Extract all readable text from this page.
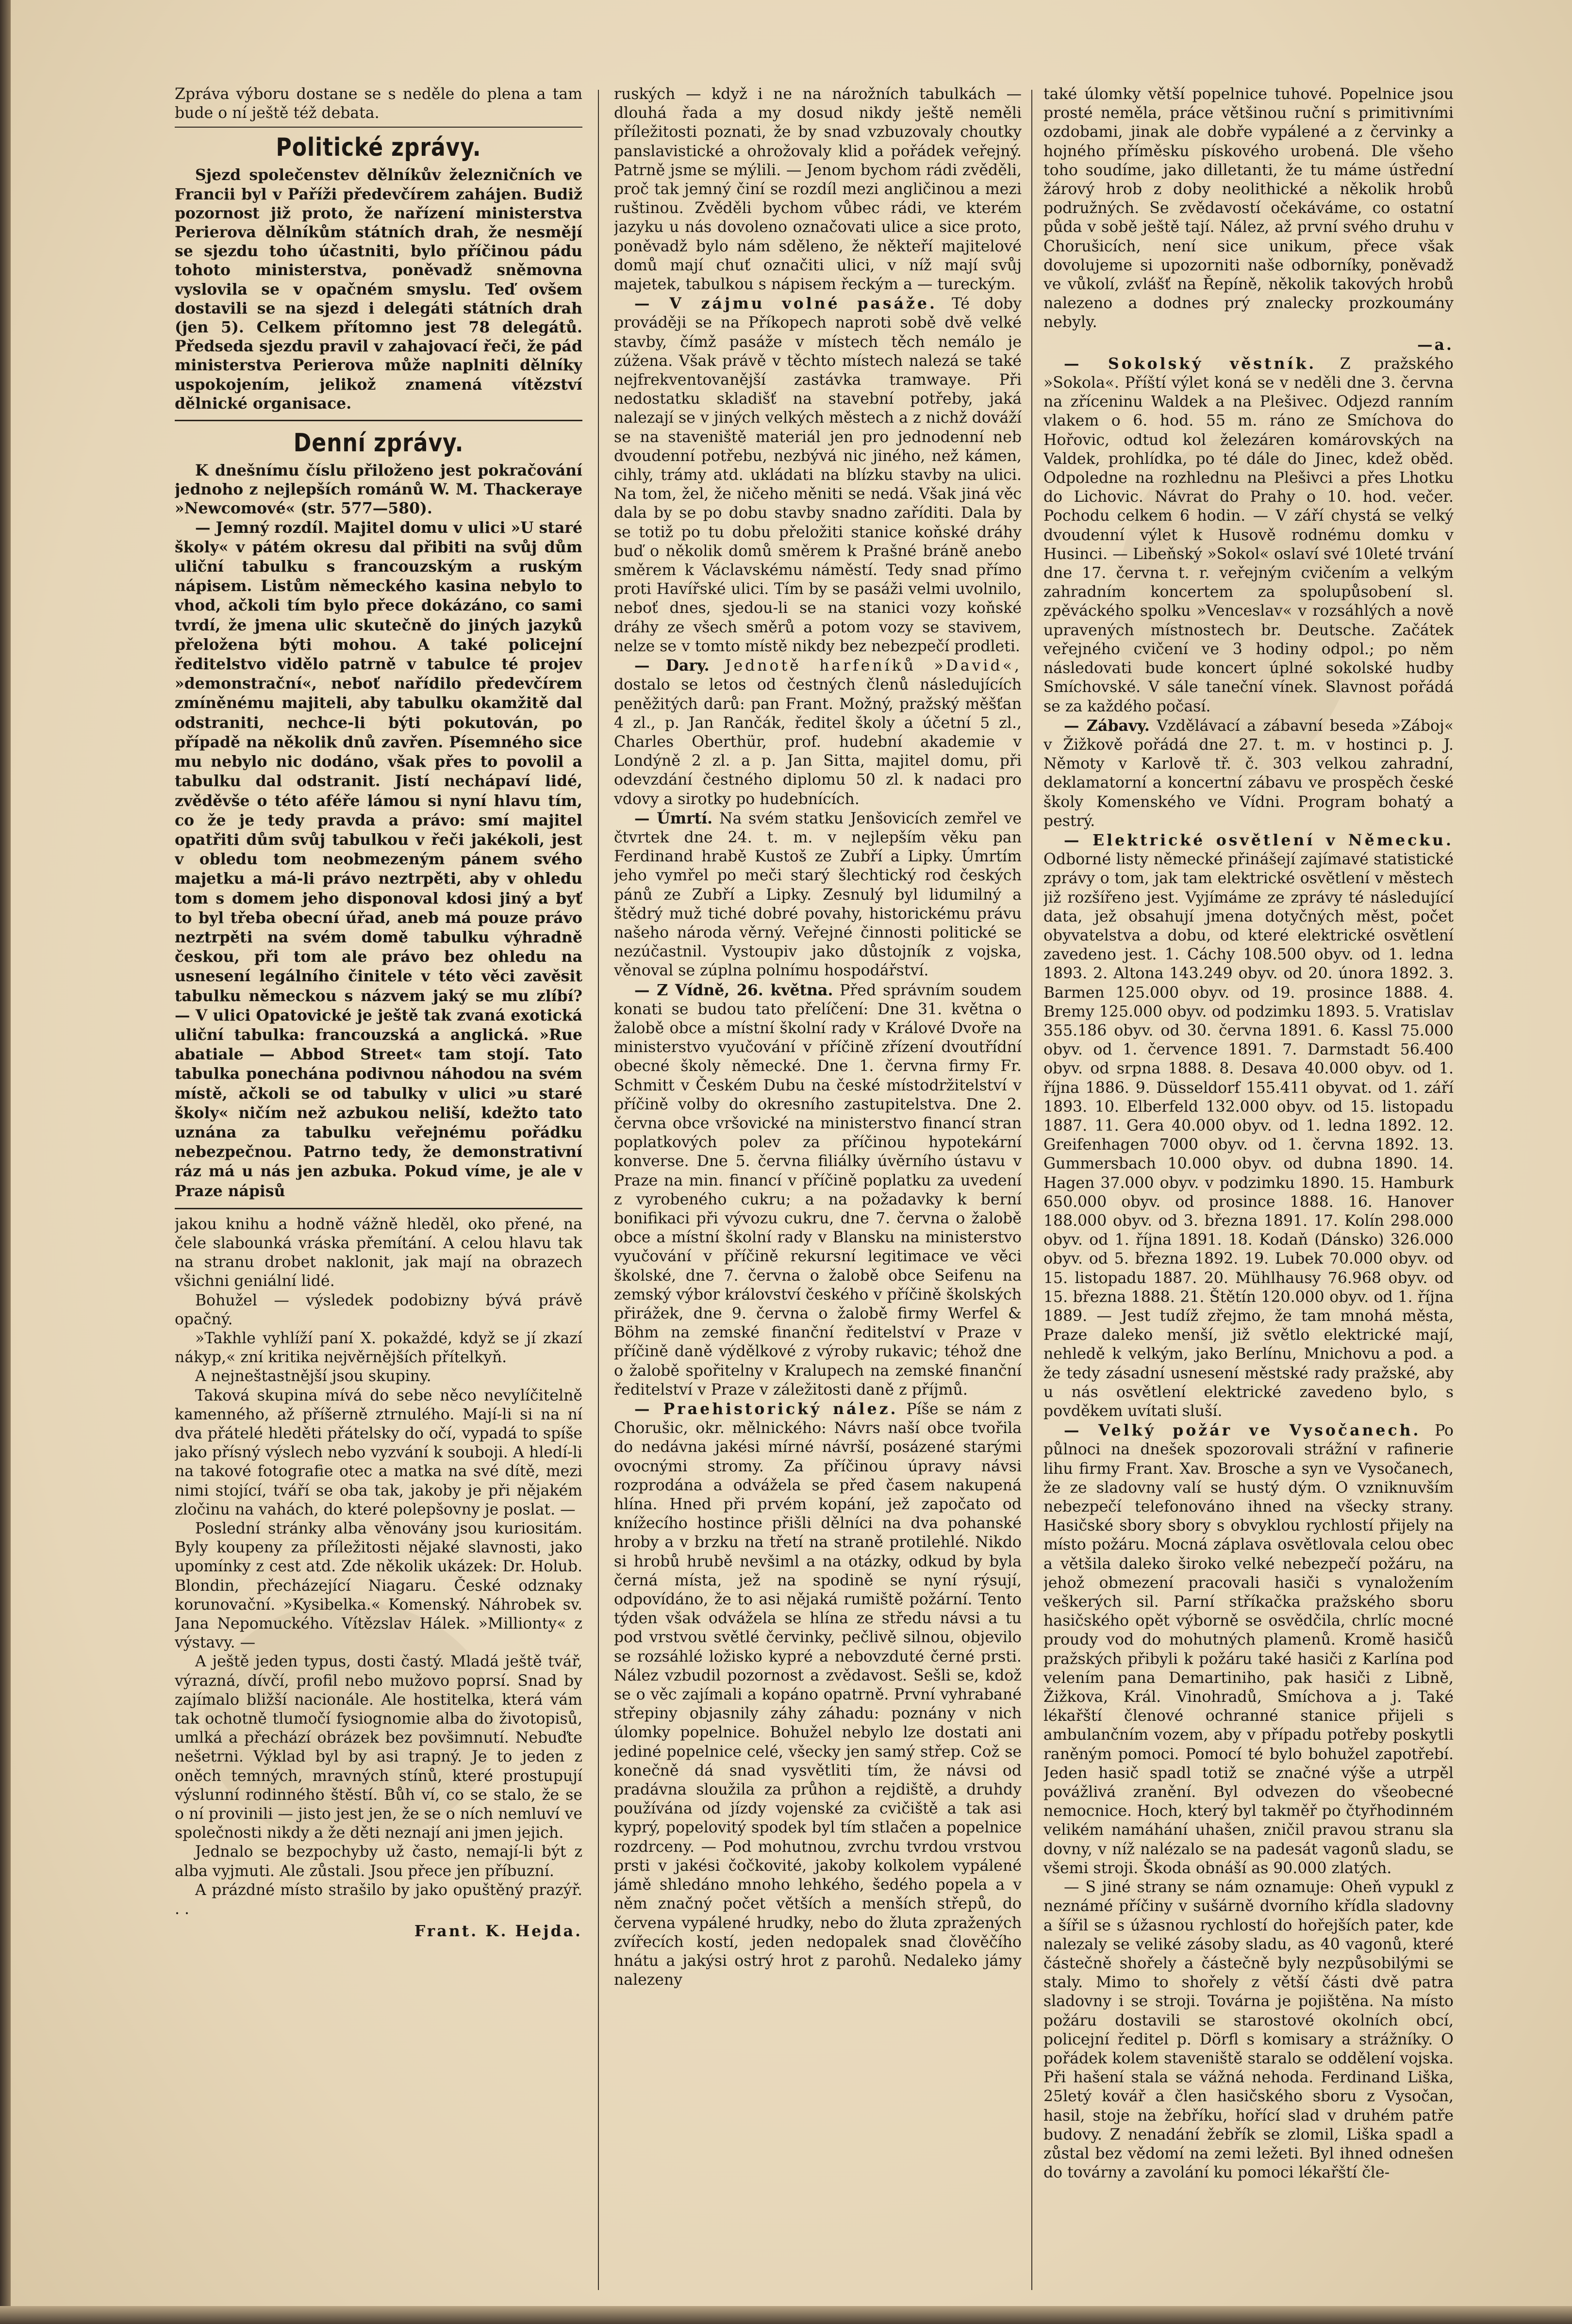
Zpráva výboru dostane se s neděle do plena a tam bude o ní ještě též debata.

Politické zprávy.

Sjezd společenstev dělníkův železničních ve Francii byl v Paříži předevčírem zahájen. Budiž pozornost již proto, že nařízení ministerstva Perierova dělníkům státních drah, že nesmějí se sjezdu toho účastniti, bylo příčinou pádu tohoto ministerstva, poněvadž sněmovna vyslovila se v opačném smyslu. Teď ovšem dostavili se na sjezd i delegáti státních drah (jen 5). Celkem přítomno jest 78 delegátů. Předseda sjezdu pravil v zahajovací řeči, že pád ministerstva Perierova může naplniti dělníky uspokojením, jelikož znamená vítězství dělnické organisace.

Denní zprávy.

K dnešnímu číslu přiloženo jest pokračování jednoho z nejlepších románů W. M. Thackeraye »Newcomové« (str. 577—580).

— Jemný rozdíl. Majitel domu v ulici »U staré školy« v pátém okresu dal přibiti na svůj dům uliční tabulku s francouzským a ruským nápisem. Listům německého kasina nebylo to vhod, ačkoli tím bylo přece dokázáno, co sami tvrdí, že jmena ulic skutečně do jiných jazyků přeložena býti mohou. A také policejní ředitelstvo vidělo patrně v tabulce té projev »demonstrační«, neboť nařídilo předevčírem zmíněnému majiteli, aby tabulku okamžitě dal odstraniti, nechce-li býti pokutován, po případě na několik dnů zavřen. Písemného sice mu nebylo nic dodáno, však přes to povolil a tabulku dal odstranit. Jistí nechápaví lidé, zvěděvše o této aféře lámou si nyní hlavu tím, co že je tedy pravda a právo: smí majitel opatřiti dům svůj tabulkou v řeči jakékoli, jest v obledu tom neobmezeným pánem svého majetku a má-li právo neztrpěti, aby v ohledu tom s domem jeho disponoval kdosi jiný a byť to byl třeba obecní úřad, aneb má pouze právo neztrpěti na svém domě tabulku výhradně českou, při tom ale právo bez ohledu na usnesení legálního činitele v této věci zavěsit tabulku německou s názvem jaký se mu zlíbí? — V ulici Opatovické je ještě tak zvaná exotická uliční tabulka: francouzská a anglická. »Rue abatiale — Abbod Street« tam stojí. Tato tabulka ponechána podivnou náhodou na svém místě, ačkoli se od tabulky v ulici »u staré školy« ničím než azbukou neliší, kdežto tato uznána za tabulku veřejnému pořádku nebezpečnou. Patrno tedy, že demonstrativní ráz má u nás jen azbuka. Pokud víme, je ale v Praze nápisů

jakou knihu a hodně vážně hleděl, oko přené, na čele slabounká vráska přemítání. A celou hlavu tak na stranu drobet naklonit, jak mají na obrazech všichni geniální lidé.

Bohužel — výsledek podobizny bývá právě opačný.

»Takhle vyhlíží paní X. pokaždé, když se jí zkazí nákyp,« zní kritika nejvěrnějších přítelkyň.

A nejneštastnější jsou skupiny.

Taková skupina mívá do sebe něco nevylíčitelně kamenného, až příšerně ztrnulého. Mají-li si na ní dva přátelé hleděti přátelsky do očí, vypadá to spíše jako přísný výslech nebo vyzvání k souboji. A hledí-li na takové fotografie otec a matka na své dítě, mezi nimi stojící, tváří se oba tak, jakoby je při nějakém zločinu na vahách, do které polepšovny je poslat. —

Poslední stránky alba věnovány jsou kuriositám. Byly koupeny za příležitosti nějaké slavnosti, jako upomínky z cest atd. Zde několik ukázek: Dr. Holub. Blondin, přecházející Niagaru. České odznaky korunovační. »Kysibelka.« Komenský. Náhrobek sv. Jana Nepomuckého. Vítězslav Hálek. »Millionty« z výstavy. —

A ještě jeden typus, dosti častý. Mladá ještě tvář, výrazná, dívčí, profil nebo mužovo poprsí. Snad by zajímalo bližší nacionále. Ale hostitelka, která vám tak ochotně tlumočí fysiognomie alba do životopisů, umlká a přechází obrázek bez povšimnutí. Nebuďte nešetrni. Výklad byl by asi trapný. Je to jeden z oněch temných, mravných stínů, které prostupují výslunní rodinného štěstí. Bůh ví, co se stalo, že se o ní provinili — jisto jest jen, že se o ních nemluví ve společnosti nikdy a že děti neznají ani jmen jejich.

Jednalo se bezpochyby už často, nemají-li být z alba vyjmuti. Ale zůstali. Jsou přece jen příbuzní.

A prázdné místo strašilo by jako opuštěný prazýř. . .

Frant. K. Hejda.

ruských — když i ne na nárožních tabulkách — dlouhá řada a my dosud nikdy ještě neměli příležitosti poznati, že by snad vzbuzovaly choutky panslavistické a ohrožovaly klid a pořádek veřejný. Patrně jsme se mýlili. — Jenom bychom rádi zvěděli, proč tak jemný činí se rozdíl mezi angličinou a mezi ruštinou. Zvěděli bychom vůbec rádi, ve kterém jazyku u nás dovoleno označovati ulice a sice proto, poněvadž bylo nám sděleno, že někteří majitelové domů mají chuť označiti ulici, v níž mají svůj majetek, tabulkou s nápisem řeckým a — tureckým.

— V zájmu volné pasáže. Té doby prováději se na Příkopech naproti sobě dvě velké stavby, čímž pasáže v místech těch nemálo je zúžena. Však právě v těchto místech nalezá se také nejfrekventovanější zastávka tramwaye. Při nedostatku skladišť na stavební potřeby, jaká nalezají se v jiných velkých městech a z nichž dováží se na staveniště materiál jen pro jednodenní neb dvoudenní potřebu, nezbývá nic jiného, než kámen, cihly, trámy atd. ukládati na blízku stavby na ulici. Na tom, žel, že ničeho měniti se nedá. Však jiná věc dala by se po dobu stavby snadno zaříditi. Dala by se totiž po tu dobu přeložiti stanice koňské dráhy buď o několik domů směrem k Prašné bráně anebo směrem k Václavskému náměstí. Tedy snad přímo proti Havířské ulici. Tím by se pasáži velmi uvolnilo, neboť dnes, sjedou-li se na stanici vozy koňské dráhy ze všech směrů a potom vozy se stavivem, nelze se v tomto místě nikdy bez nebezpečí prodleti.

— Dary. Jednotě harfeníků »David«, dostalo se letos od čestných členů následujících peněžitých darů: pan Frant. Možný, pražský měšťan 4 zl., p. Jan Rančák, ředitel školy a účetní 5 zl., Charles Oberthür, prof. hudební akademie v Londýně 2 zl. a p. Jan Sitta, majitel domu, při odevzdání čestného diplomu 50 zl. k nadaci pro vdovy a sirotky po hudebnících.

— Úmrtí. Na svém statku Jenšovicích zemřel ve čtvrtek dne 24. t. m. v nejlepším věku pan Ferdinand hrabě Kustoš ze Zubří a Lipky. Úmrtím jeho vymřel po meči starý šlechtický rod českých pánů ze Zubří a Lipky. Zesnulý byl lidumilný a štědrý muž tiché dobré povahy, historickému právu našeho národa věrný. Veřejné činnosti politické se nezúčastnil. Vystoupiv jako důstojník z vojska, věnoval se zúplna polnímu hospodářství.

— Z Vídně, 26. května. Před správním soudem konati se budou tato přelíčení: Dne 31. května o žalobě obce a místní školní rady v Králové Dvoře na ministerstvo vyučování v příčině zřízení dvoutřídní obecné školy německé. Dne 1. června firmy Fr. Schmitt v Českém Dubu na české místodržitelství v příčině volby do okresního zastupitelstva. Dne 2. června obce vršovické na ministerstvo financí stran poplatkových polev za příčinou hypotekární konverse. Dne 5. června filiálky úvěrního ústavu v Praze na min. financí v příčině poplatku za uvedení z vyrobeného cukru; a na požadavky k berní bonifikaci při vývozu cukru, dne 7. června o žalobě obce a místní školní rady v Blansku na ministerstvo vyučování v příčině rekursní legitimace ve věci školské, dne 7. června o žalobě obce Seifenu na zemský výbor království českého v příčině školských přirážek, dne 9. června o žalobě firmy Werfel & Böhm na zemské finanční ředitelství v Praze v příčině daně výdělkové z výroby rukavic; téhož dne o žalobě spořitelny v Kralupech na zemské finanční ředitelství v Praze v záležitosti daně z příjmů.

— Praehistorický nález. Píše se nám z Chorušic, okr. mělnického: Návrs naší obce tvořila do nedávna jakési mírné návrší, posázené starými ovocnými stromy. Za příčinou úpravy návsi rozprodána a odvážela se před časem nakupená hlína. Hned při prvém kopání, jež započato od knížecího hostince přišli dělníci na dva pohanské hroby a v brzku na třetí na straně protilehlé. Nikdo si hrobů hrubě nevšiml a na otázky, odkud by byla černá místa, jež na spodině se nyní rýsují, odpovídáno, že to asi nějaká rumiště požární. Tento týden však odvážela se hlína ze středu návsi a tu pod vrstvou světlé červinky, pečlivě silnou, objevilo se rozsáhlé ložisko kypré a nebovzduté černé prsti. Nález vzbudil pozornost a zvědavost. Sešli se, kdož se o věc zajímali a kopáno opatrně. První vyhrabané střepiny objasnily záhy záhadu: poznány v nich úlomky popelnice. Bohužel nebylo lze dostati ani jediné popelnice celé, všecky jen samý střep. Což se konečně dá snad vysvětliti tím, že návsi od pradávna sloužila za průhon a rejdiště, a druhdy používána od jízdy vojenské za cvičiště a tak asi kyprý, popelovitý spodek byl tím stlačen a popelnice rozdrceny. — Pod mohutnou, zvrchu tvrdou vrstvou prsti v jakési čočkovité, jakoby kolkolem vypálené jámě shledáno mnoho lehkého, šedého popela a v něm značný počet větších a menších střepů, do červena vypálené hrudky, nebo do žluta zpražených zvířecích kostí, jeden nedopalek snad člověčího hnátu a jakýsi ostrý hrot z parohů. Nedaleko jámy nalezeny

také úlomky větší popelnice tuhové. Popelnice jsou prosté neměla, práce většinou ruční s primitivními ozdobami, jinak ale dobře vypálené a z červinky a hojného příměsku pískového urobená. Dle všeho toho soudíme, jako dilletanti, že tu máme ústřední žárový hrob z doby neolithické a několik hrobů podružných. Se zvědavostí očekáváme, co ostatní půda v sobě ještě tají. Nález, až první svého druhu v Chorušicích, není sice unikum, přece však dovolujeme si upozorniti naše odborníky, poněvadž ve vůkolí, zvlášť na Řepíně, několik takových hrobů nalezeno a dodnes prý znalecky prozkoumány nebyly.

—a.

— Sokolský věstník. Z pražského »Sokola«. Příští výlet koná se v neděli dne 3. června na zříceninu Waldek a na Plešivec. Odjezd ranním vlakem o 6. hod. 55 m. ráno ze Smíchova do Hořovic, odtud kol železáren komárovských na Valdek, prohlídka, po té dále do Jinec, kdež oběd. Odpoledne na rozhlednu na Plešivci a přes Lhotku do Lichovic. Návrat do Prahy o 10. hod. večer. Pochodu celkem 6 hodin. — V září chystá se velký dvoudenní výlet k Husově rodnému domku v Husinci. — Libeňský »Sokol« oslaví své 10leté trvání dne 17. června t. r. veřejným cvičením a velkým zahradním koncertem za spolupůsobení sl. zpěváckého spolku »Venceslav« v rozsáhlých a nově upravených místnostech br. Deutsche. Začátek veřejného cvičení ve 3 hodiny odpol.; po něm následovati bude koncert úplné sokolské hudby Smíchovské. V sále taneční vínek. Slavnost pořádá se za každého počasí.

— Zábavy. Vzdělávací a zábavní beseda »Záboj« v Žižkově pořádá dne 27. t. m. v hostinci p. J. Němoty v Karlově tř. č. 303 velkou zahradní, deklamatorní a koncertní zábavu ve prospěch české školy Komenského ve Vídni. Program bohatý a pestrý.

— Elektrické osvětlení v Německu. Odborné listy německé přinášejí zajímavé statistické zprávy o tom, jak tam elektrické osvětlení v městech již rozšířeno jest. Vyjímáme ze zprávy té následující data, jež obsahují jmena dotyčných měst, počet obyvatelstva a dobu, od které elektrické osvětlení zavedeno jest. 1. Cáchy 108.500 obyv. od 1. ledna 1893. 2. Altona 143.249 obyv. od 20. února 1892. 3. Barmen 125.000 obyv. od 19. prosince 1888. 4. Bremy 125.000 obyv. od podzimku 1893. 5. Vratislav 355.186 obyv. od 30. června 1891. 6. Kassl 75.000 obyv. od 1. července 1891. 7. Darmstadt 56.400 obyv. od srpna 1888. 8. Desava 40.000 obyv. od 1. října 1886. 9. Düsseldorf 155.411 obyvat. od 1. září 1893. 10. Elberfeld 132.000 obyv. od 15. listopadu 1887. 11. Gera 40.000 obyv. od 1. ledna 1892. 12. Greifenhagen 7000 obyv. od 1. června 1892. 13. Gummersbach 10.000 obyv. od dubna 1890. 14. Hagen 37.000 obyv. v podzimku 1890. 15. Hamburk 650.000 obyv. od prosince 1888. 16. Hanover 188.000 obyv. od 3. března 1891. 17. Kolín 298.000 obyv. od 1. října 1891. 18. Kodaň (Dánsko) 326.000 obyv. od 5. března 1892. 19. Lubek 70.000 obyv. od 15. listopadu 1887. 20. Mühlhausy 76.968 obyv. od 15. března 1888. 21. Štětín 120.000 obyv. od 1. října 1889. — Jest tudíž zřejmo, že tam mnohá města, Praze daleko menší, již světlo elektrické mají, nehledě k velkým, jako Berlínu, Mnichovu a pod. a že tedy zásadní usnesení městské rady pražské, aby u nás osvětlení elektrické zavedeno bylo, s povděkem uvítati sluší.

— Velký požár ve Vysočanech. Po půlnoci na dnešek spozorovali strážní v rafinerie lihu firmy Frant. Xav. Brosche a syn ve Vysočanech, že ze sladovny valí se hustý dým. O vzniknuvším nebezpečí telefonováno ihned na všecky strany. Hasičské sbory sbory s obvyklou rychlostí přijely na místo požáru. Mocná záplava osvětlovala celou obec a většila daleko široko velké nebezpečí požáru, na jehož obmezení pracovali hasiči s vynaložením veškerých sil. Parní stříkačka pražského sboru hasičského opět výborně se osvědčila, chrlíc mocné proudy vod do mohutných plamenů. Kromě hasičů pražských přibyli k požáru také hasiči z Karlína pod velením pana Demartiniho, pak hasiči z Libně, Žižkova, Král. Vinohradů, Smíchova a j. Také lékařští členové ochranné stanice přijeli s ambulančním vozem, aby v případu potřeby poskytli raněným pomoci. Pomocí té bylo bohužel zapotřebí. Jeden hasič spadl totiž se značné výše a utrpěl povážlivá zranění. Byl odvezen do všeobecné nemocnice. Hoch, který byl takměř po čtyřhodinném velikém namáhání uhašen, zničil pravou stranu sla dovny, v níž nalézalo se na padesát vagonů sladu, se všemi stroji. Škoda obnáší as 90.000 zlatých.

— S jiné strany se nám oznamuje: Oheň vypukl z neznámé příčiny v sušárně dvorního křídla sladovny a šířil se s úžasnou rychlostí do hořejších pater, kde nalezaly se veliké zásoby sladu, as 40 vagonů, které částečně shořely a částečně byly nezpůsobilými se staly. Mimo to shořely z větší části dvě patra sladovny i se stroji. Továrna je pojištěna. Na místo požáru dostavili se starostové okolních obcí, policejní ředitel p. Dörfl s komisary a strážníky. O pořádek kolem staveniště staralo se oddělení vojska. Při hašení stala se vážná nehoda. Ferdinand Liška, 25letý kovář a člen hasičského sboru z Vysočan, hasil, stoje na žebříku, hořící slad v druhém patře budovy. Z nenadání žebřík se zlomil, Liška spadl a zůstal bez vědomí na zemi ležeti. Byl ihned odnešen do továrny a zavolání ku pomoci lékařští čle-
